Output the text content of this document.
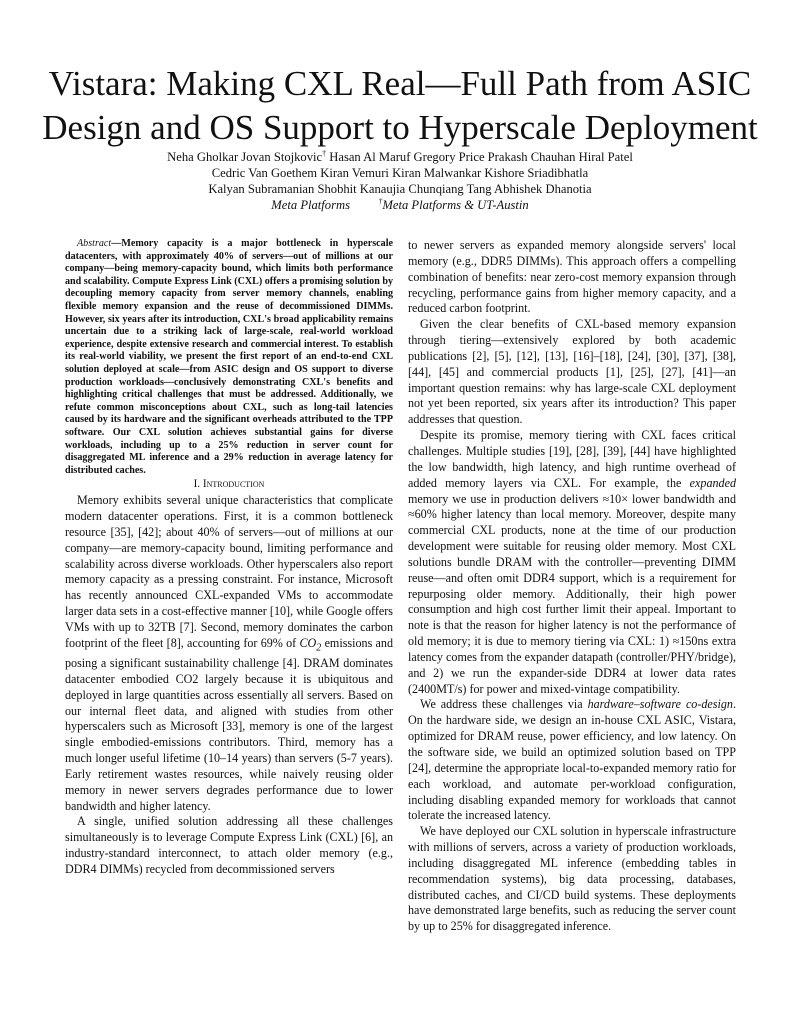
Vistara: Making CXL Real—Full Path from ASIC
Design and OS Support to Hyperscale Deployment
Neha Gholkar Jovan Stojkovic† Hasan Al Maruf Gregory Price Prakash Chauhan Hiral Patel
Cedric Van Goethem Kiran Vemuri Kiran Malwankar Kishore Sriadibhatla
Kalyan Subramanian Shobhit Kanaujia Chunqiang Tang Abhishek Dhanotia
Meta Platforms	†Meta Platforms & UT-Austin

Abstract—Memory capacity is a major bottleneck in hyperscale datacenters, with approximately 40% of servers—out of millions at our company—being memory-capacity bound, which limits both performance and scalability. Compute Express Link (CXL) offers a promising solution by decoupling memory capacity from server memory channels, enabling flexible memory expansion and the reuse of decommissioned DIMMs. However, six years after its introduction, CXL's broad applicability remains uncertain due to a striking lack of large-scale, real-world workload experience, despite extensive research and commercial interest. To establish its real-world viability, we present the first report of an end-to-end CXL solution deployed at scale—from ASIC design and OS support to diverse production workloads—conclusively demonstrating CXL's benefits and highlighting critical challenges that must be addressed. Additionally, we refute common misconceptions about CXL, such as long-tail latencies caused by its hardware and the significant overheads attributed to the TPP software. Our CXL solution achieves substantial gains for diverse workloads, including up to a 25% reduction in server count for disaggregated ML inference and a 29% reduction in average latency for distributed caches.

I. Introduction

Memory exhibits several unique characteristics that complicate modern datacenter operations. First, it is a common bottleneck resource [35], [42]; about 40% of servers—out of millions at our company—are memory-capacity bound, limiting performance and scalability across diverse workloads. Other hyperscalers also report memory capacity as a pressing constraint. For instance, Microsoft has recently announced CXL-expanded VMs to accommodate larger data sets in a cost-effective manner [10], while Google offers VMs with up to 32TB [7]. Second, memory dominates the carbon footprint of the fleet [8], accounting for 69% of $CO_2$ emissions and posing a significant sustainability challenge [4]. DRAM dominates datacenter embodied CO2 largely because it is ubiquitous and deployed in large quantities across essentially all servers. Based on our internal fleet data, and aligned with studies from other hyperscalers such as Microsoft [33], memory is one of the largest single embodied-emissions contributors. Third, memory has a much longer useful lifetime (10–14 years) than servers (5-7 years). Early retirement wastes resources, while naively reusing older memory in newer servers degrades performance due to lower bandwidth and higher latency.

A single, unified solution addressing all these challenges simultaneously is to leverage Compute Express Link (CXL) [6], an industry-standard interconnect, to attach older memory (e.g., DDR4 DIMMs) recycled from decommissioned servers

to newer servers as expanded memory alongside servers' local memory (e.g., DDR5 DIMMs). This approach offers a compelling combination of benefits: near zero-cost memory expansion through recycling, performance gains from higher memory capacity, and a reduced carbon footprint.

Given the clear benefits of CXL-based memory expansion through tiering—extensively explored by both academic publications [2], [5], [12], [13], [16]–[18], [24], [30], [37], [38], [44], [45] and commercial products [1], [25], [27], [41]—an important question remains: why has large-scale CXL deployment not yet been reported, six years after its introduction? This paper addresses that question.

Despite its promise, memory tiering with CXL faces critical challenges. Multiple studies [19], [28], [39], [44] have highlighted the low bandwidth, high latency, and high runtime overhead of added memory layers via CXL. For example, the expanded memory we use in production delivers ≈10× lower bandwidth and ≈60% higher latency than local memory. Moreover, despite many commercial CXL products, none at the time of our production development were suitable for reusing older memory. Most CXL solutions bundle DRAM with the controller—preventing DIMM reuse—and often omit DDR4 support, which is a requirement for repurposing older memory. Additionally, their high power consumption and high cost further limit their appeal. Important to note is that the reason for higher latency is not the performance of old memory; it is due to memory tiering via CXL: 1) ≈150ns extra latency comes from the expander datapath (controller/PHY/bridge), and 2) we run the expander-side DDR4 at lower data rates (2400MT/s) for power and mixed-vintage compatibility.

We address these challenges via hardware–software co-design. On the hardware side, we design an in-house CXL ASIC, Vistara, optimized for DRAM reuse, power efficiency, and low latency. On the software side, we build an optimized solution based on TPP [24], determine the appropriate local-to-expanded memory ratio for each workload, and automate per-workload configuration, including disabling expanded memory for workloads that cannot tolerate the increased latency.

We have deployed our CXL solution in hyperscale infrastructure with millions of servers, across a variety of production workloads, including disaggregated ML inference (embedding tables in recommendation systems), big data processing, databases, distributed caches, and CI/CD build systems. These deployments have demonstrated large benefits, such as reducing the server count by up to 25% for disaggregated inference.
